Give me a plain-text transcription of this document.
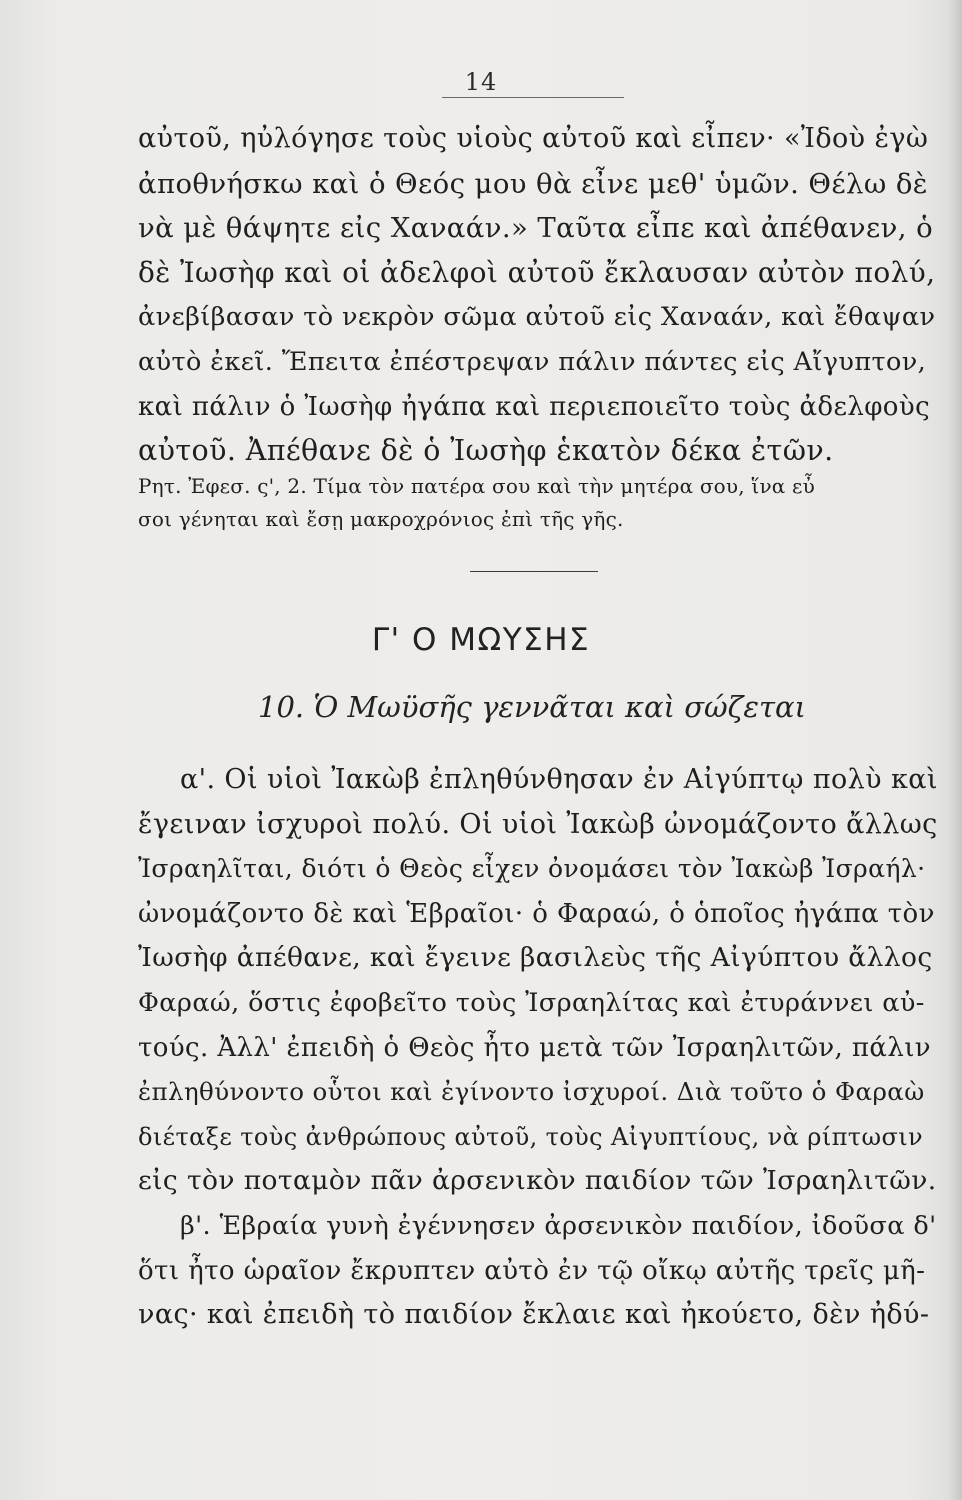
14
αὐτοῦ, ηὐλόγησε τοὺς υἱοὺς αὐτοῦ καὶ εἶπεν· «Ἰδοὺ ἐγὼ
ἀποθνήσκω καὶ ὁ Θεός μου θὰ εἶνε μεθ' ὑμῶν. Θέλω δὲ
νὰ μὲ θάψητε εἰς Χαναάν.» Ταῦτα εἶπε καὶ ἀπέθανεν, ὁ
δὲ Ἰωσὴφ καὶ οἱ ἀδελφοὶ αὐτοῦ ἔκλαυσαν αὐτὸν πολύ,
ἀνεβίβασαν τὸ νεκρὸν σῶμα αὐτοῦ εἰς Χαναάν, καὶ ἔθαψαν
αὐτὸ ἐκεῖ. Ἔπειτα ἐπέστρεψαν πάλιν πάντες εἰς Αἴγυπτον,
καὶ πάλιν ὁ Ἰωσὴφ ἠγάπα καὶ περιεποιεῖτο τοὺς ἀδελφοὺς
αὐτοῦ. Ἀπέθανε δὲ ὁ Ἰωσὴφ ἑκατὸν δέκα ἐτῶν.
Ρητ. Ἐφεσ. ς', 2. Τίμα τὸν πατέρα σου καὶ τὴν μητέρα σου, ἵνα εὖ
σοι γένηται καὶ ἔσῃ μακροχρόνιος ἐπὶ τῆς γῆς.
Γ' Ο ΜΩΥΣΗΣ
10. Ὁ Μωϋσῆς γεννᾶται καὶ σώζεται
α'. Οἱ υἱοὶ Ἰακὼβ ἐπληθύνθησαν ἐν Αἰγύπτῳ πολὺ καὶ
ἔγειναν ἰσχυροὶ πολύ. Οἱ υἱοὶ Ἰακὼβ ὠνομάζοντο ἄλλως
Ἰσραηλῖται, διότι ὁ Θεὸς εἶχεν ὀνομάσει τὸν Ἰακὼβ Ἰσραήλ·
ὠνομάζοντο δὲ καὶ Ἑβραῖοι· ὁ Φαραώ, ὁ ὁποῖος ἠγάπα τὸν
Ἰωσὴφ ἀπέθανε, καὶ ἔγεινε βασιλεὺς τῆς Αἰγύπτου ἄλλος
Φαραώ, ὅστις ἐφοβεῖτο τοὺς Ἰσραηλίτας καὶ ἐτυράννει αὐ-
τούς. Ἀλλ' ἐπειδὴ ὁ Θεὸς ἦτο μετὰ τῶν Ἰσραηλιτῶν, πάλιν
ἐπληθύνοντο οὗτοι καὶ ἐγίνοντο ἰσχυροί. Διὰ τοῦτο ὁ Φαραὼ
διέταξε τοὺς ἀνθρώπους αὐτοῦ, τοὺς Αἰγυπτίους, νὰ ρίπτωσιν
εἰς τὸν ποταμὸν πᾶν ἀρσενικὸν παιδίον τῶν Ἰσραηλιτῶν.
β'. Ἑβραία γυνὴ ἐγέννησεν ἀρσενικὸν παιδίον, ἰδοῦσα δ'
ὅτι ἦτο ὡραῖον ἔκρυπτεν αὐτὸ ἐν τῷ οἴκῳ αὐτῆς τρεῖς μῆ-
νας· καὶ ἐπειδὴ τὸ παιδίον ἔκλαιε καὶ ἠκούετο, δὲν ἠδύ-
